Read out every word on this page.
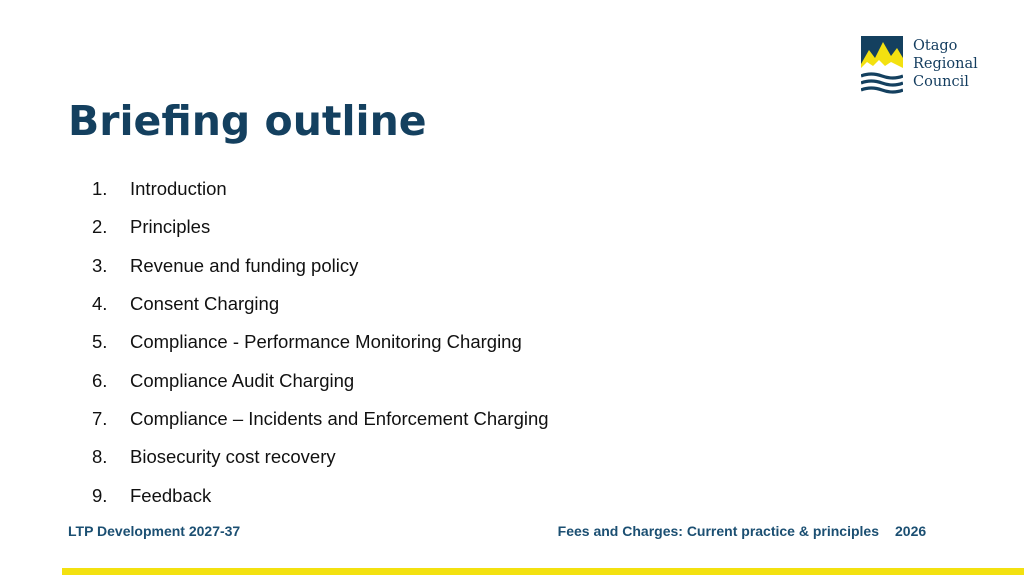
Otago
Regional
Council
Briefing outline
1.	Introduction
2.	Principles
3.	Revenue and funding policy
4.	Consent Charging
5.	Compliance - Performance Monitoring Charging
6.	Compliance Audit Charging
7.	Compliance – Incidents and Enforcement Charging
8.	Biosecurity cost recovery
9.	Feedback
LTP Development 2027-37	Fees and Charges: Current practice & principles 2026
